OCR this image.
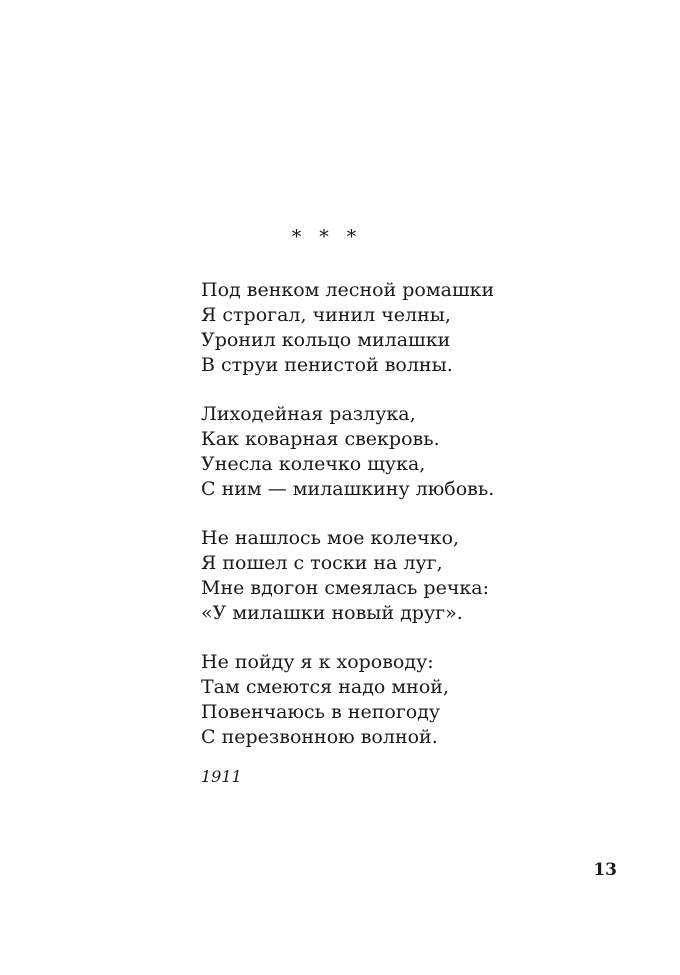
* * *
Под венком лесной ромашки
Я строгал, чинил челны,
Уронил кольцо милашки
В струи пенистой волны.
Лиходейная разлука,
Как коварная свекровь.
Унесла колечко щука,
С ним — милашкину любовь.
Не нашлось мое колечко,
Я пошел с тоски на луг,
Мне вдогон смеялась речка:
«У милашки новый друг».
Не пойду я к хороводу:
Там смеются надо мной,
Повенчаюсь в непогоду
С перезвонною волной.
1911
13
